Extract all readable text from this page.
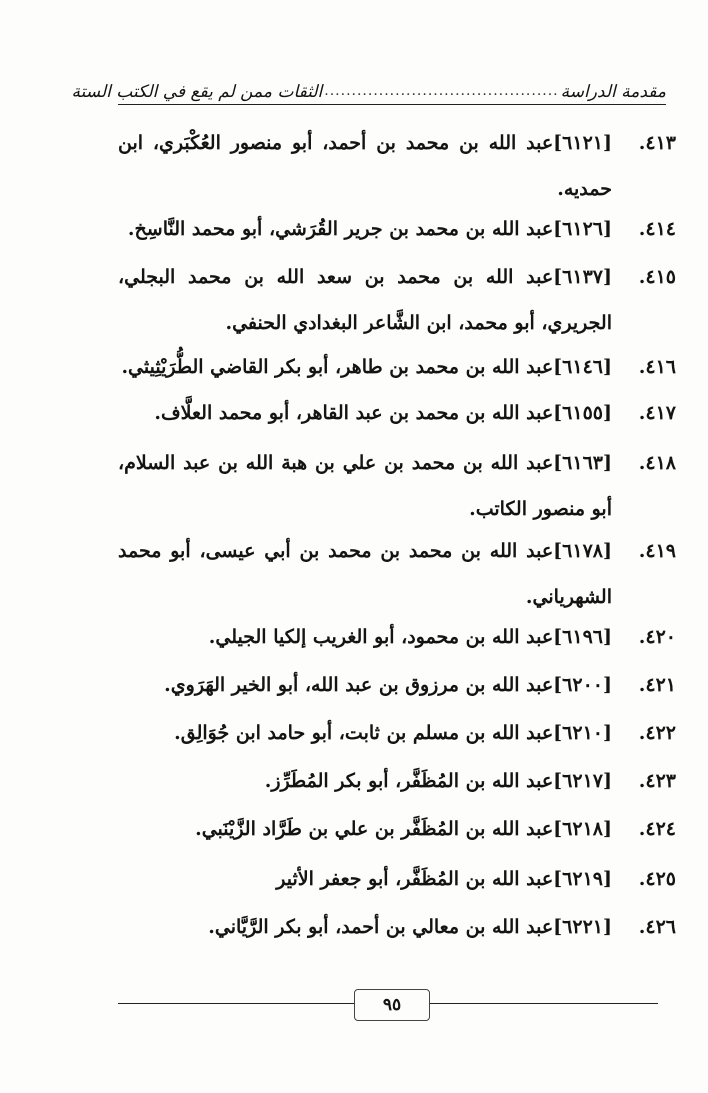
مقدمة الدراسة
...........................................
الثقات ممن لم يقع في الكتب الستة
٤١٣.
[٦١٢١]عبد الله بن محمد بن أحمد، أبو منصور العُكْبَري، ابن حمديه.
٤١٤.
[٦١٢٦]عبد الله بن محمد بن جرير القُرَشي، أبو محمد النَّاسِخ.
٤١٥.
[٦١٣٧]عبد الله بن محمد بن سعد الله بن محمد البجلي، الجريري، أبو محمد، ابن الشَّاعر البغدادي الحنفي.
٤١٦.
[٦١٤٦]عبد الله بن محمد بن طاهر، أبو بكر القاضي الطُّرَيْثِيثي.
٤١٧.
[٦١٥٥]عبد الله بن محمد بن عبد القاهر، أبو محمد العلَّاف.
٤١٨.
[٦١٦٣]عبد الله بن محمد بن علي بن هبة الله بن عبد السلام، أبو منصور الكاتب.
٤١٩.
[٦١٧٨]عبد الله بن محمد بن محمد بن أبي عيسى، أبو محمد الشهرياني.
٤٢٠.
[٦١٩٦]عبد الله بن محمود، أبو الغريب إلكيا الجيلي.
٤٢١.
[٦٢٠٠]عبد الله بن مرزوق بن عبد الله، أبو الخير الهَرَوي.
٤٢٢.
[٦٢١٠]عبد الله بن مسلم بن ثابت، أبو حامد ابن جُوَالِق.
٤٢٣.
[٦٢١٧]عبد الله بن المُظَفَّر، أبو بكر المُطَرِّز.
٤٢٤.
[٦٢١٨]عبد الله بن المُظَفَّر بن علي بن طَرَّاد الزَّيْنَبي.
٤٢٥.
[٦٢١٩]عبد الله بن المُظَفَّر، أبو جعفر الأثير
٤٢٦.
[٦٢٢١]عبد الله بن معالي بن أحمد، أبو بكر الرَّيَّاني.
٩٥
